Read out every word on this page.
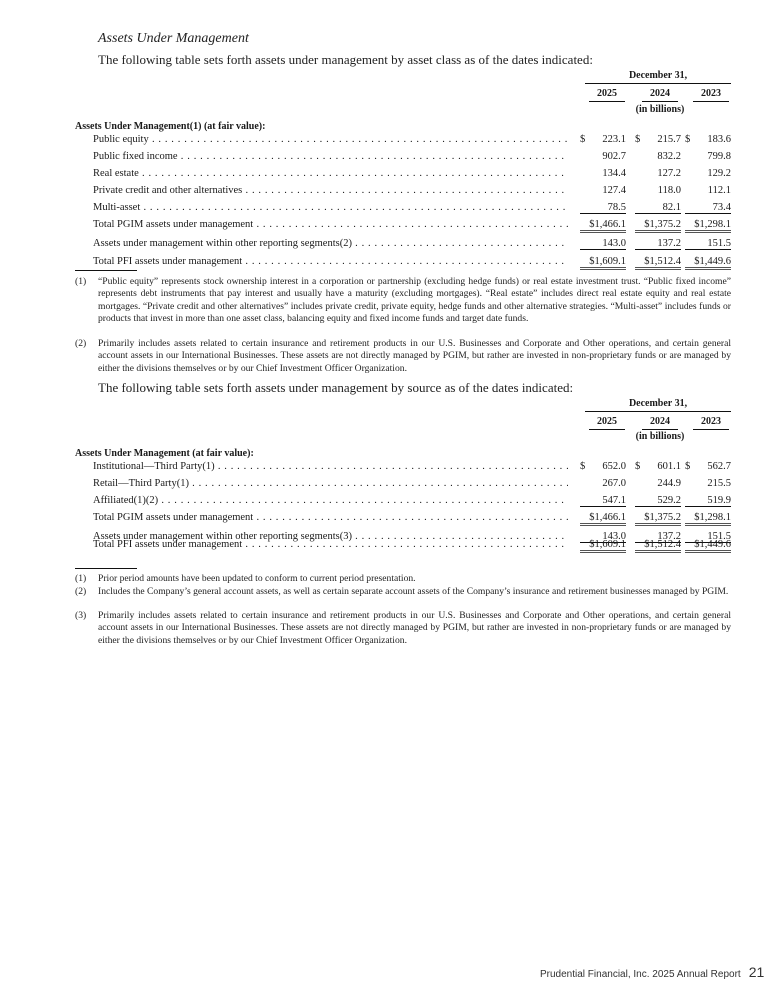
Assets Under Management
The following table sets forth assets under management by asset class as of the dates indicated:
December 31,
2025	2024	2023
(in billions)
Assets Under Management(1) (at fair value):
Public equity . . .	$ 223.1 $ 215.7 $ 183.6
Public fixed income . . .	902.7	832.2	799.8
Real estate . . .	134.4	127.2	129.2
Private credit and other alternatives . . .	127.4	118.0	112.1
Multi-asset . . .	78.5	82.1	73.4
Total PGIM assets under management . . .	$1,466.1	$1,375.2	$1,298.1
Assets under management within other reporting segments(2) . . .	143.0	137.2	151.5
Total PFI assets under management . . .	$1,609.1	$1,512.4	$1,449.6
(1) “Public equity” represents stock ownership interest in a corporation or partnership (excluding hedge funds) or real estate investment trust. “Public fixed income” represents debt instruments that pay interest and usually have a maturity (excluding mortgages). “Real estate” includes direct real estate equity and real estate mortgages. “Private credit and other alternatives” includes private credit, private equity, hedge funds and other alternative strategies. “Multi-asset” includes funds or products that invest in more than one asset class, balancing equity and fixed income funds and target date funds.
(2) Primarily includes assets related to certain insurance and retirement products in our U.S. Businesses and Corporate and Other operations, and certain general account assets in our International Businesses. These assets are not directly managed by PGIM, but rather are invested in non-proprietary funds or are managed by either the divisions themselves or by our Chief Investment Officer Organization.
The following table sets forth assets under management by source as of the dates indicated:
December 31,
2025	2024	2023
(in billions)
Assets Under Management (at fair value):
Institutional—Third Party(1) . . .	$ 652.0 $ 601.1 $ 562.7
Retail—Third Party(1) . . .	267.0	244.9	215.5
Affiliated(1)(2) . . .	547.1	529.2	519.9
Total PGIM assets under management . . .	$1,466.1	$1,375.2	$1,298.1
Assets under management within other reporting segments(3) . . .	143.0	137.2	151.5
Total PFI assets under management . . .	$1,609.1	$1,512.4	$1,449.6
(1) Prior period amounts have been updated to conform to current period presentation.
(2) Includes the Company’s general account assets, as well as certain separate account assets of the Company’s insurance and retirement businesses managed by PGIM.
(3) Primarily includes assets related to certain insurance and retirement products in our U.S. Businesses and Corporate and Other operations, and certain general account assets in our International Businesses. These assets are not directly managed by PGIM, but rather are invested in non-proprietary funds or are managed by either the divisions themselves or by our Chief Investment Officer Organization.
Prudential Financial, Inc. 2025 Annual Report 21
